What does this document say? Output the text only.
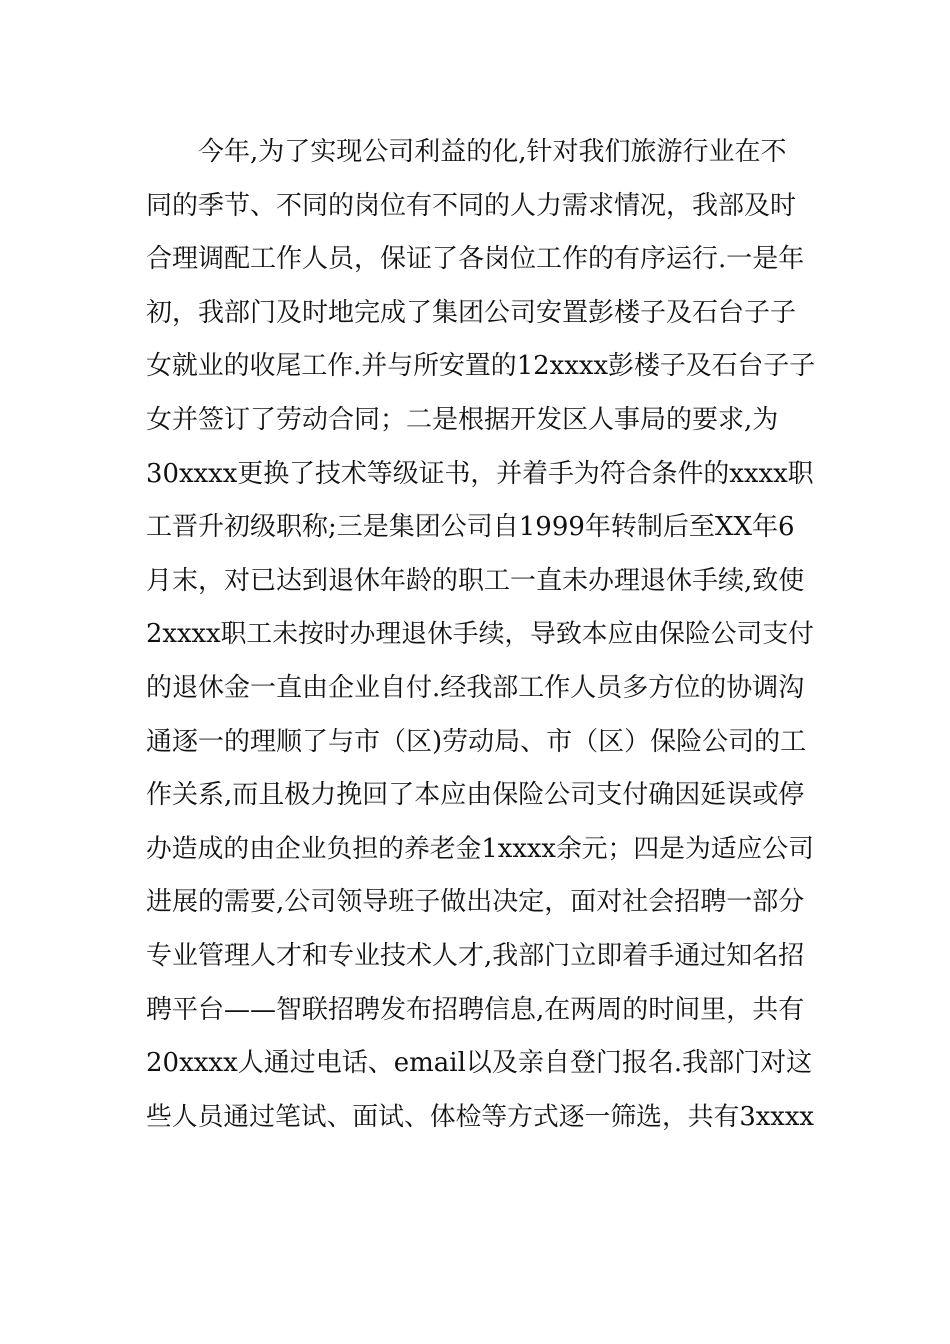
今年,为了实现公司利益的化,针对我们旅游行业在不
同的季节、不同的岗位有不同的人力需求情况，我部及时
合理调配工作人员，保证了各岗位工作的有序运行.一是年
初，我部门及时地完成了集团公司安置彭楼子及石台子子
女就业的收尾工作.并与所安置的12xxxx彭楼子及石台子子
女并签订了劳动合同；二是根据开发区人事局的要求,为
30xxxx更换了技术等级证书，并着手为符合条件的xxxx职
工晋升初级职称;三是集团公司自1999年转制后至XX年6
月末，对已达到退休年龄的职工一直未办理退休手续,致使
2xxxx职工未按时办理退休手续，导致本应由保险公司支付
的退休金一直由企业自付.经我部工作人员多方位的协调沟
通逐一的理顺了与市（区)劳动局、市（区）保险公司的工
作关系,而且极力挽回了本应由保险公司支付确因延误或停
办造成的由企业负担的养老金1xxxx余元；四是为适应公司
进展的需要,公司领导班子做出决定，面对社会招聘一部分
专业管理人才和专业技术人才,我部门立即着手通过知名招
聘平台——智联招聘发布招聘信息,在两周的时间里，共有
20xxxx人通过电话、email以及亲自登门报名.我部门对这
些人员通过笔试、面试、体检等方式逐一筛选，共有3xxxx
